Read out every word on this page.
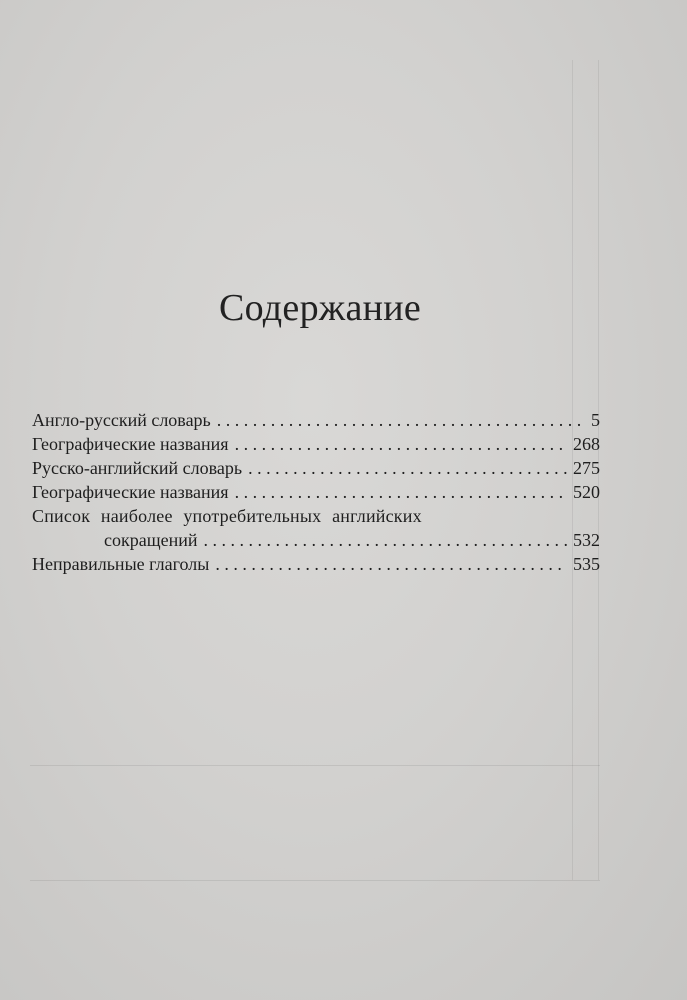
Содержание
Англо-русский словарь . . .	5
Географические названия . . .	268
Русско-английский словарь . . .	275
Географические названия . . .	520
Список наиболее употребительных английских
сокращений . . .	532
Неправильные глаголы . . .	535
